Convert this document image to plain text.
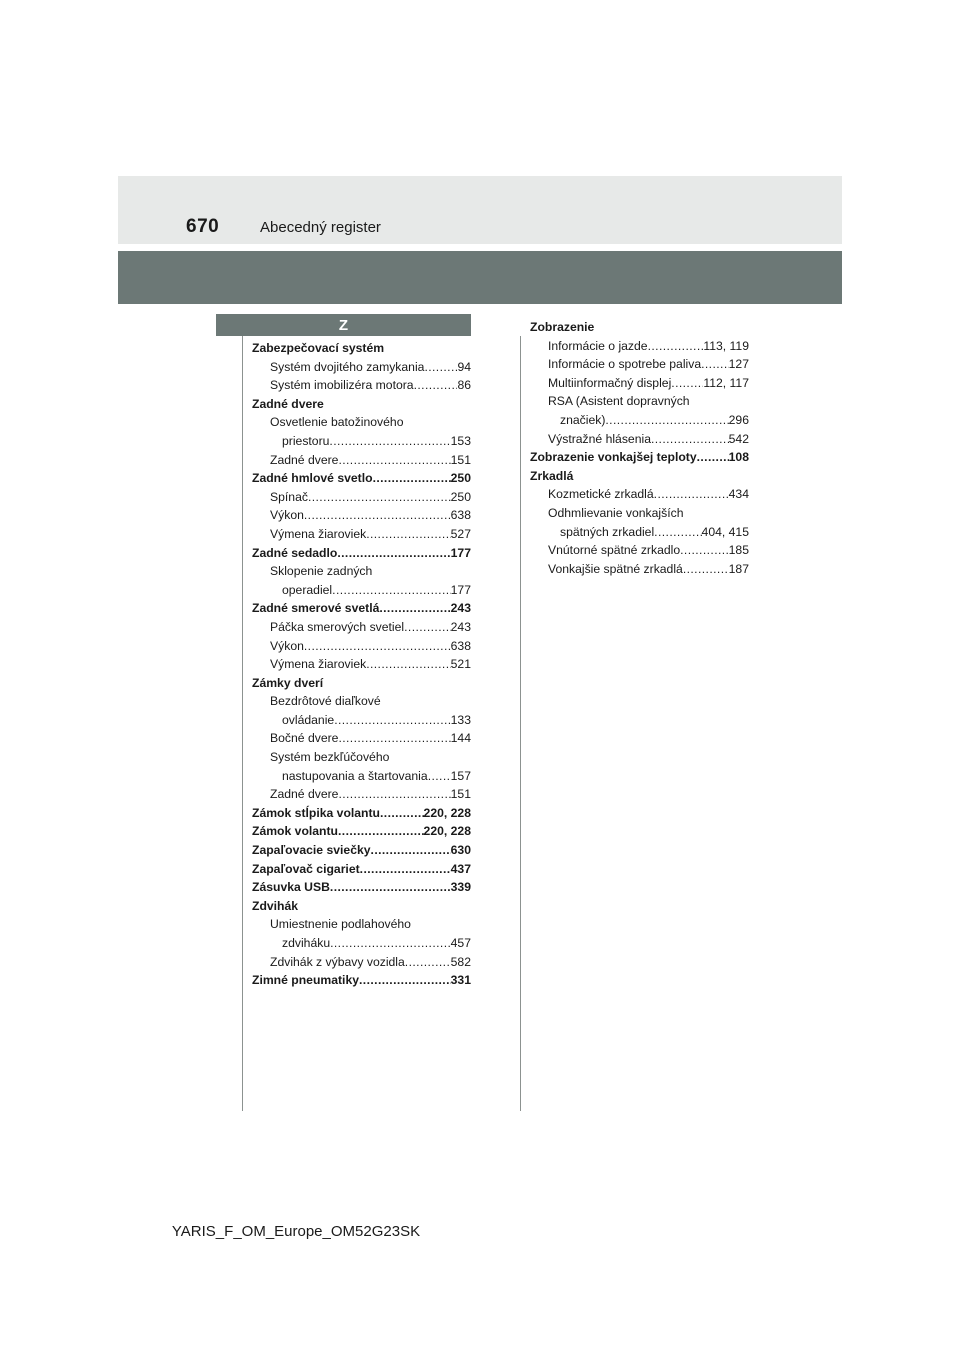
670	Abecedný register
Z
Zabezpečovací systém
Systém dvojitého zamykania .....	94
Systém imobilizéra motora .....	86
Zadné dvere
Osvetlenie batožinového
priestoru .....	153
Zadné dvere .....	151
Zadné hmlové svetlo .....	250
Spínač .....	250
Výkon .....	638
Výmena žiaroviek .....	527
Zadné sedadlo .....	177
Sklopenie zadných
operadiel .....	177
Zadné smerové svetlá .....	243
Páčka smerových svetiel .....	243
Výkon .....	638
Výmena žiaroviek .....	521
Zámky dverí
Bezdrôtové diaľkové
ovládanie .....	133
Bočné dvere .....	144
Systém bezkľúčového
nastupovania a štartovania ..... 157
Zadné dvere .....	151
Zámok stĺpika volantu .....	220, 228
Zámok volantu .....	220, 228
Zapaľovacie sviečky .....	630
Zapaľovač cigariet .....	437
Zásuvka USB .....	339
Zdvihák
Umiestnenie podlahového
zdviháku .....	457
Zdvihák z výbavy vozidla .....	582
Zimné pneumatiky .....	331
Zobrazenie
Informácie o jazde .....	113, 119
Informácie o spotrebe paliva ..... 127
Multiinformačný displej .....	112, 117
RSA (Asistent dopravných
značiek) .....	296
Výstražné hlásenia .....	542
Zobrazenie vonkajšej teploty .....	108
Zrkadlá
Kozmetické zrkadlá .....	434
Odhmlievanie vonkajších
spätných zrkadiel .....	404, 415
Vnútorné spätné zrkadlo .....	185
Vonkajšie spätné zrkadlá .....	187
YARIS_F_OM_Europe_OM52G23SK
